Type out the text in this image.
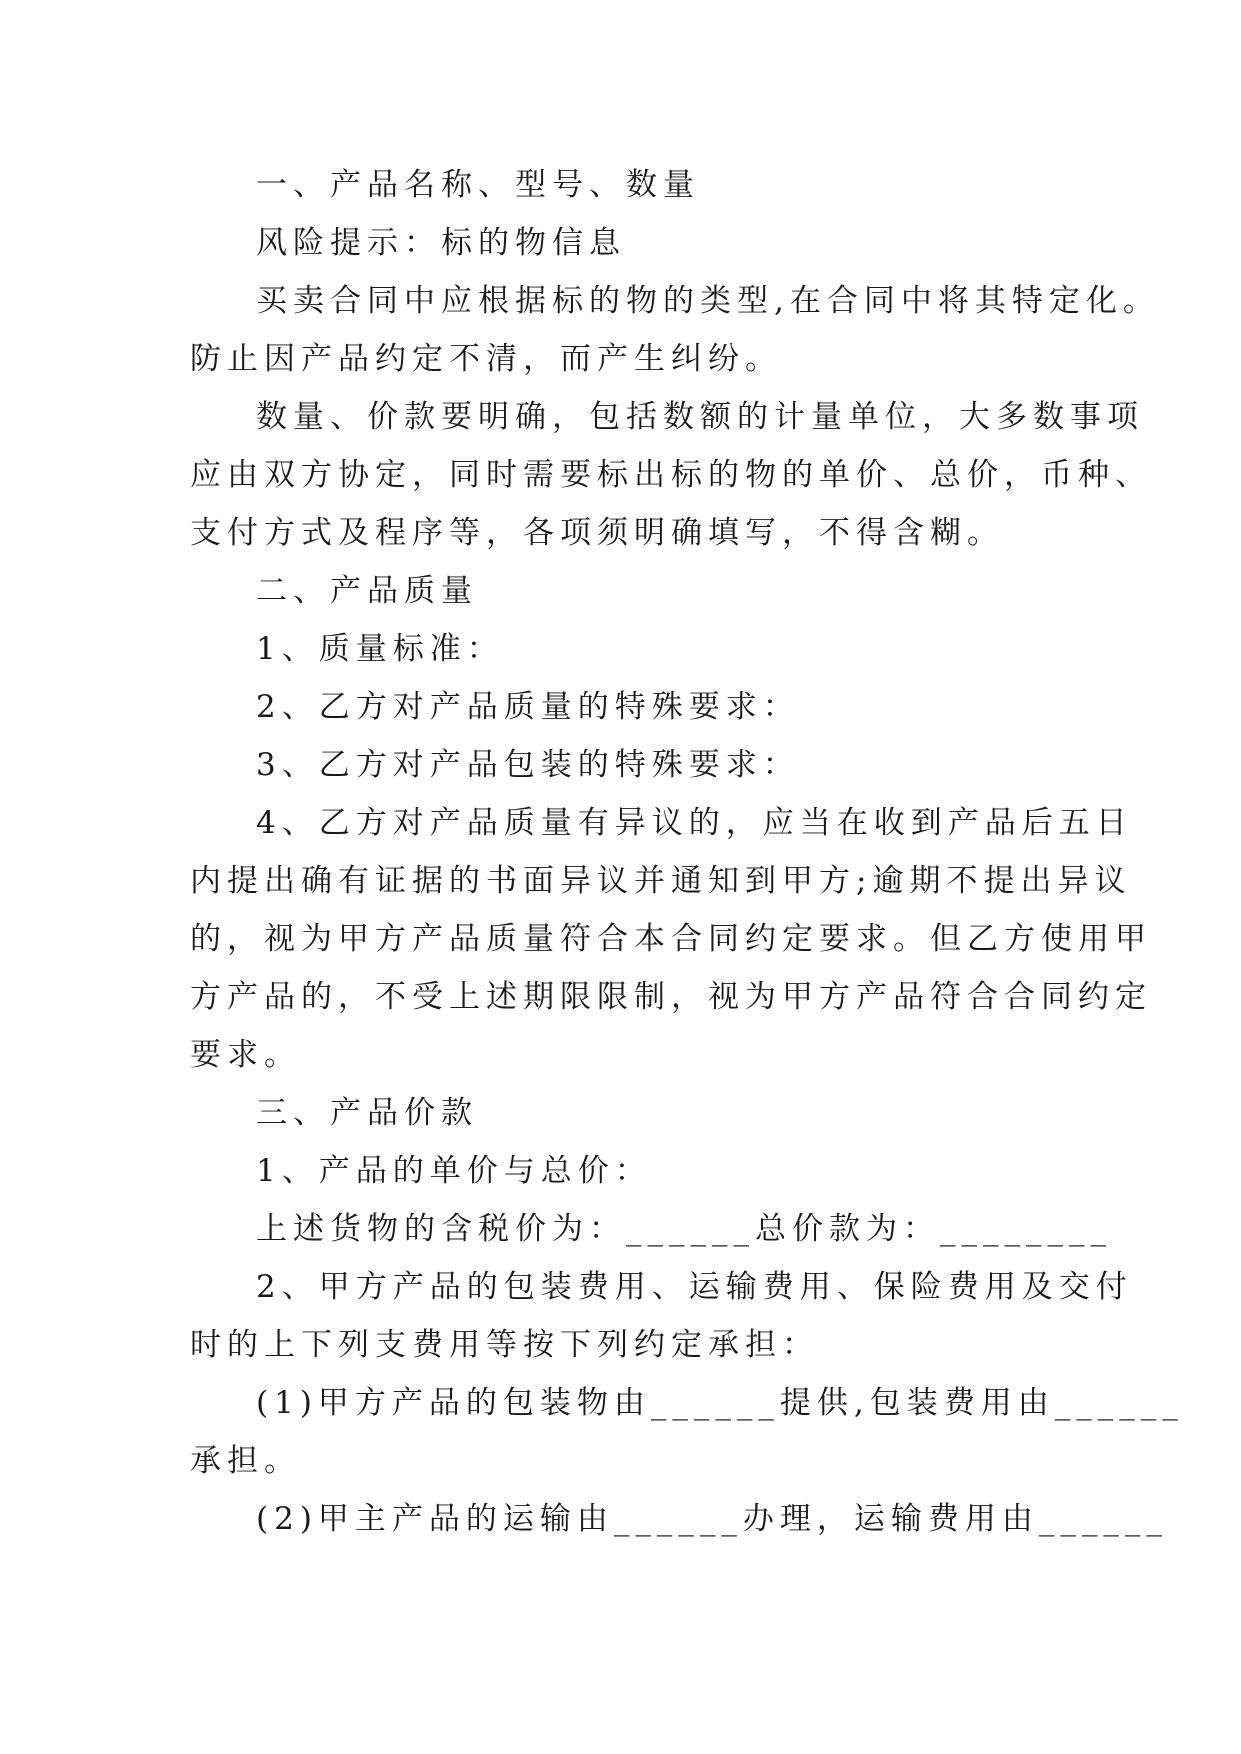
一、产品名称、型号、数量

风险提示：标的物信息

买卖合同中应根据标的物的类型,在合同中将其特定化。

防止因产品约定不清，而产生纠纷。

数量、价款要明确，包括数额的计量单位，大多数事项

应由双方协定，同时需要标出标的物的单价、总价，币种、

支付方式及程序等，各项须明确填写，不得含糊。

二、产品质量

1、质量标准：

2、乙方对产品质量的特殊要求：

3、乙方对产品包装的特殊要求：

4、乙方对产品质量有异议的，应当在收到产品后五日

内提出确有证据的书面异议并通知到甲方;逾期不提出异议

的，视为甲方产品质量符合本合同约定要求。但乙方使用甲

方产品的，不受上述期限限制，视为甲方产品符合合同约定

要求。

三、产品价款

1、产品的单价与总价：

上述货物的含税价为：______总价款为：________

2、甲方产品的包装费用、运输费用、保险费用及交付

时的上下列支费用等按下列约定承担：

(1)甲方产品的包装物由______提供,包装费用由______

承担。

(2)甲主产品的运输由______办理，运输费用由______
